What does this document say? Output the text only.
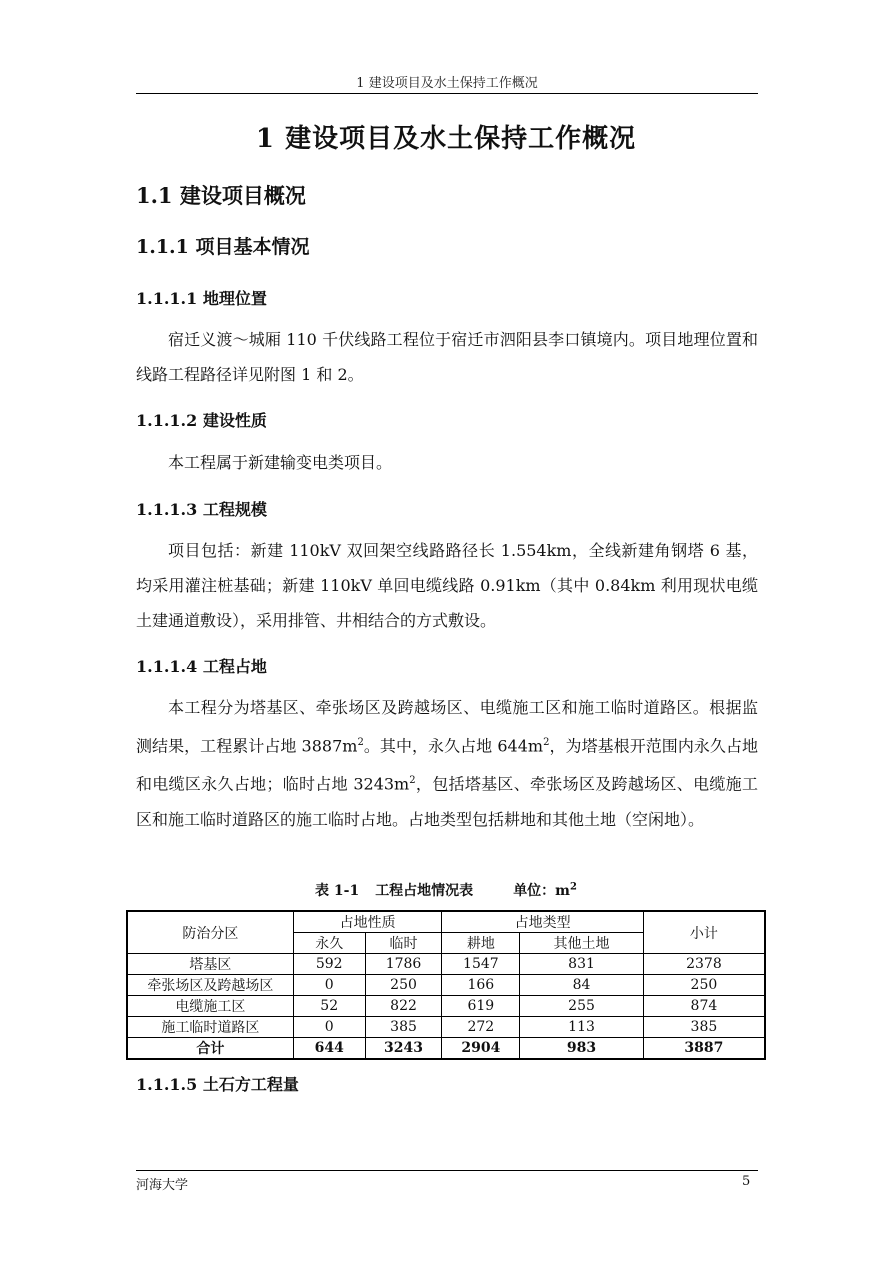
1 建设项目及水土保持工作概况
1 建设项目及水土保持工作概况
1.1 建设项目概况
1.1.1 项目基本情况
1.1.1.1 地理位置

宿迁义渡～城厢 110 千伏线路工程位于宿迁市泗阳县李口镇境内。项目地理位置和线路工程路径详见附图 1 和 2。

1.1.1.2 建设性质

本工程属于新建输变电类项目。

1.1.1.3 工程规模

项目包括：新建 110kV 双回架空线路路径长 1.554km，全线新建角钢塔 6 基，均采用灌注桩基础；新建 110kV 单回电缆线路 0.91km（其中 0.84km 利用现状电缆土建通道敷设），采用排管、井相结合的方式敷设。

1.1.1.4 工程占地

本工程分为塔基区、牵张场区及跨越场区、电缆施工区和施工临时道路区。根据监测结果，工程累计占地 $3887m^2$。其中，永久占地 $644m^2$，为塔基根开范围内永久占地和电缆区永久占地；临时占地 $3243m^2$，包括塔基区、牵张场区及跨越场区、电缆施工区和施工临时道路区的施工临时占地。占地类型包括耕地和其他土地（空闲地）。

表 1-1 工程占地情况表	单位：$m^2$
防治分区	占地性质		占地类型		小计
	永久	临时	耕地	其他土地	
塔基区	592	1786	1547	831	2378
牵张场区及跨越场区	0	250	166	84	250
电缆施工区	52	822	619	255	874
施工临时道路区	0	385	272	113	385
合计	644	3243	2904	983	3887
1.1.1.5 土石方工程量
河海大学	5
